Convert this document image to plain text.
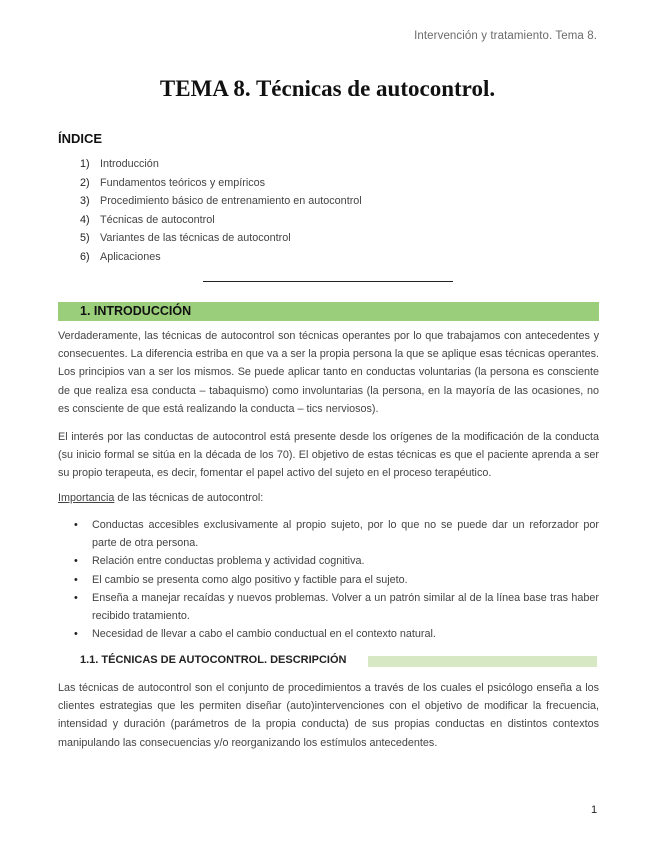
Intervención y tratamiento. Tema 8.
TEMA 8. Técnicas de autocontrol.
ÍNDICE
1) Introducción
2) Fundamentos teóricos y empíricos
3) Procedimiento básico de entrenamiento en autocontrol
4) Técnicas de autocontrol
5) Variantes de las técnicas de autocontrol
6) Aplicaciones
1. INTRODUCCIÓN

Verdaderamente, las técnicas de autocontrol son técnicas operantes por lo que trabajamos con antecedentes y consecuentes. La diferencia estriba en que va a ser la propia persona la que se aplique esas técnicas operantes. Los principios van a ser los mismos. Se puede aplicar tanto en conductas voluntarias (la persona es consciente de que realiza esa conducta – tabaquismo) como involuntarias (la persona, en la mayoría de las ocasiones, no es consciente de que está realizando la conducta – tics nerviosos).

El interés por las conductas de autocontrol está presente desde los orígenes de la modificación de la conducta (su inicio formal se sitúa en la década de los 70). El objetivo de estas técnicas es que el paciente aprenda a ser su propio terapeuta, es decir, fomentar el papel activo del sujeto en el proceso terapéutico.

Importancia de las técnicas de autocontrol:
• Conductas accesibles exclusivamente al propio sujeto, por lo que no se puede dar un reforzador por parte de otra persona.
• Relación entre conductas problema y actividad cognitiva.
• El cambio se presenta como algo positivo y factible para el sujeto.
• Enseña a manejar recaídas y nuevos problemas. Volver a un patrón similar al de la línea base tras haber recibido tratamiento.
• Necesidad de llevar a cabo el cambio conductual en el contexto natural.
1.1. TÉCNICAS DE AUTOCONTROL. DESCRIPCIÓN

Las técnicas de autocontrol son el conjunto de procedimientos a través de los cuales el psicólogo enseña a los clientes estrategias que les permiten diseñar (auto)intervenciones con el objetivo de modificar la frecuencia, intensidad y duración (parámetros de la propia conducta) de sus propias conductas en distintos contextos manipulando las consecuencias y/o reorganizando los estímulos antecedentes.

1
